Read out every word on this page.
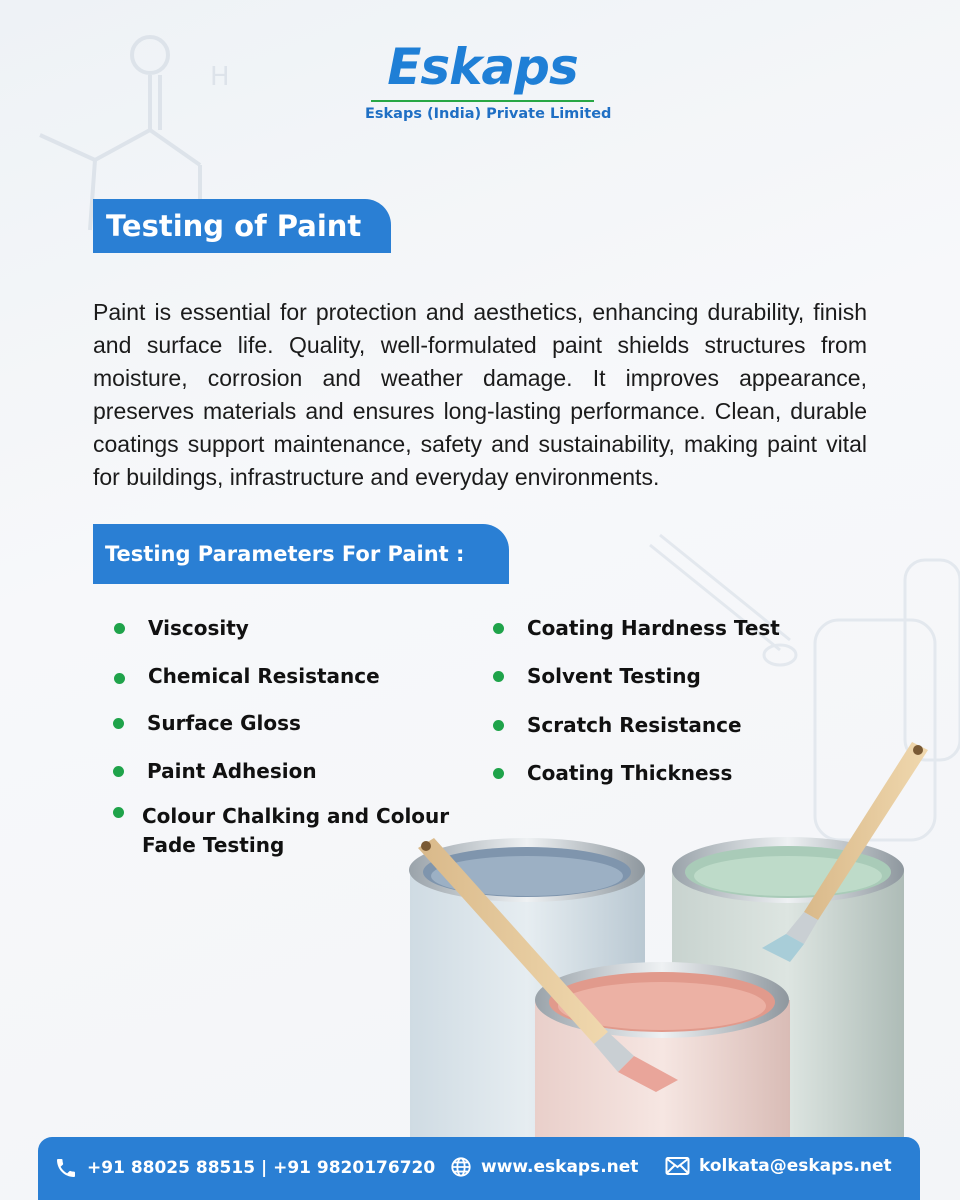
H	Eskaps
Eskaps (India) Private Limited
Testing of Paint

Paint is essential for protection and aesthetics, enhancing durability, finish and surface life. Quality, well-formulated paint shields structures from moisture, corrosion and weather damage. It improves appearance, preserves materials and ensures long-lasting performance. Clean, durable coatings support maintenance, safety and sustainability, making paint vital for buildings, infrastructure and everyday environments.

Testing Parameters For Paint :
Viscosity
Chemical Resistance
Surface Gloss
Paint Adhesion
Colour Chalking and Colour
Fade Testing
Coating Hardness Test
Solvent Testing
Scratch Resistance
Coating Thickness
+91 88025 88515 | +91 9820176720	www.eskaps.net	kolkata@eskaps.net
